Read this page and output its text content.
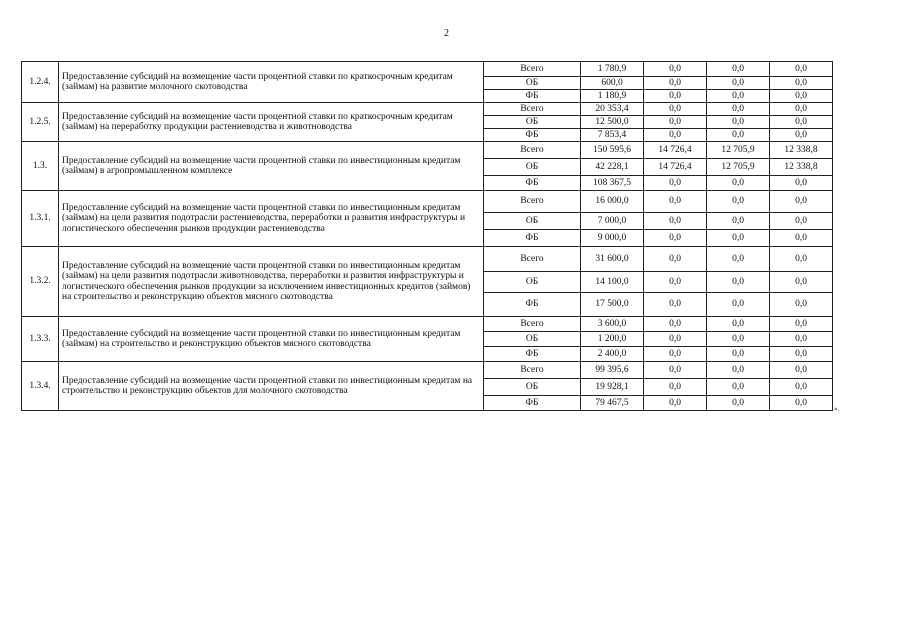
2
1.2.4.	Предоставление субсидий на возмещение части процентной ставки по краткосрочным кредитам (займам) на развитие молочного скотоводства	Всего	1 780,9	0,0	0,0	0,0
		ОБ	600,0	0,0	0,0	0,0
		ФБ	1 180,9	0,0	0,0	0,0
1.2.5.	Предоставление субсидий на возмещение части процентной ставки по краткосрочным кредитам (займам) на переработку продукции растениеводства и животноводства	Всего	20 353,4	0,0	0,0	0,0
		ОБ	12 500,0	0,0	0,0	0,0
		ФБ	7 853,4	0,0	0,0	0,0
1.3.	Предоставление субсидий на возмещение части процентной ставки по инвестиционным кредитам (займам) в агропромышленном комплексе	Всего	150 595,6	14 726,4	12 705,9	12 338,8
		ОБ	42 228,1	14 726,4	12 705,9	12 338,8
		ФБ	108 367,5	0,0	0,0	0,0
1.3.1.	Предоставление субсидий на возмещение части процентной ставки по инвестиционным кредитам (займам) на цели развития подотрасли растениеводства, переработки и развития инфраструктуры и логистического обеспечения рынков продукции растениеводства	Всего	16 000,0	0,0	0,0	0,0
		ОБ	7 000,0	0,0	0,0	0,0
		ФБ	9 000,0	0,0	0,0	0,0
1.3.2.	Предоставление субсидий на возмещение части процентной ставки по инвестиционным кредитам (займам) на цели развития подотрасли животноводства, переработки и развития инфраструктуры и логистического обеспечения рынков продукции за исключением инвестиционных кредитов (займов) на строительство и реконструкцию объектов мясного скотоводства	Всего	31 600,0	0,0	0,0	0,0
		ОБ	14 100,0	0,0	0,0	0,0
		ФБ	17 500,0	0,0	0,0	0,0
1.3.3.	Предоставление субсидий на возмещение части процентной ставки по инвестиционным кредитам (займам) на строительство и реконструкцию объектов мясного скотоводства	Всего	3 600,0	0,0	0,0	0,0
		ОБ	1 200,0	0,0	0,0	0,0
		ФБ	2 400,0	0,0	0,0	0,0
1.3.4.	Предоставление субсидий на возмещение части процентной ставки по инвестиционным кредитам на строительство и реконструкцию объектов для молочного скотоводства	Всего	99 395,6	0,0	0,0	0,0
		ОБ	19 928,1	0,0	0,0	0,0
		ФБ	79 467,5	0,0	0,0	0,0
».
